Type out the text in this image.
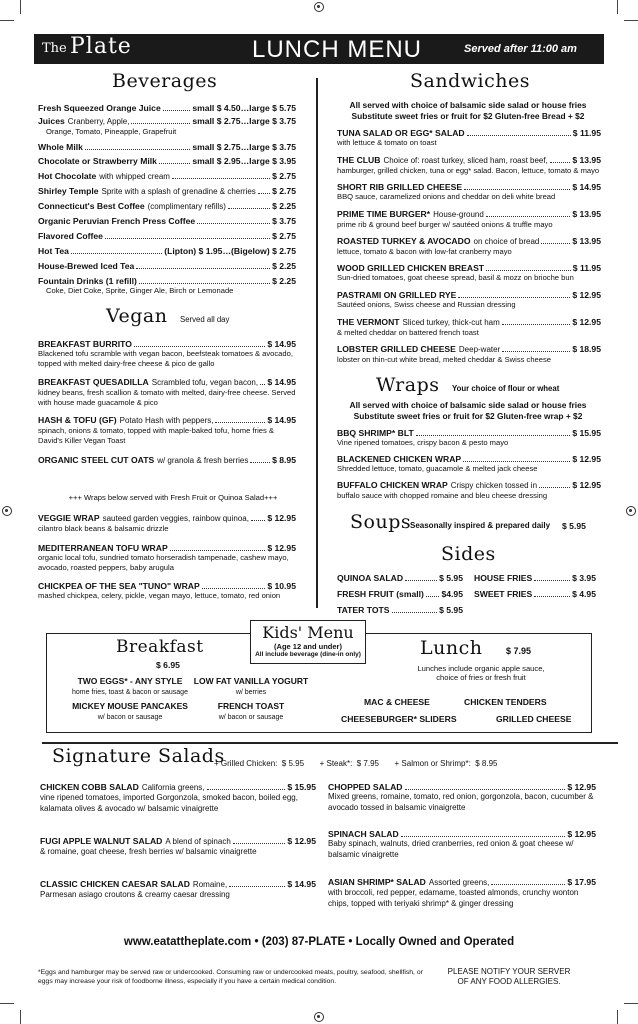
The Plate	LUNCH MENU	Served after 11:00 am
Beverages
Fresh Squeezed Orange Juice	small $ 4.50…large $ 5.75
Juices Cranberry, Apple,	small $ 2.75…large $ 3.75
Orange, Tomato, Pineapple, Grapefruit
Whole Milk	small $ 2.75…large $ 3.75
Chocolate or Strawberry Milk	small $ 2.95…large $ 3.95
Hot Chocolate with whipped cream	$ 2.75
Shirley Temple Sprite with a splash of grenadine & cherries $ 2.75
Connecticut's Best Coffee (complimentary refills)	$ 2.25
Organic Peruvian French Press Coffee	$ 3.75
Flavored Coffee	$ 2.75
Hot Tea	(Lipton) $ 1.95…(Bigelow) $ 2.75
House-Brewed Iced Tea	$ 2.25
Fountain Drinks (1 refill)	$ 2.25
Coke, Diet Coke, Sprite, Ginger Ale, Birch or Lemonade
Vegan Served all day
BREAKFAST BURRITO	$ 14.95
Blackened tofu scramble with vegan bacon, beefsteak tomatoes & avocado, topped with melted dairy-free cheese & pico de gallo
BREAKFAST QUESADILLA Scrambled tofu, vegan bacon, $ 14.95
kidney beans, fresh scallion & tomato with melted, dairy-free cheese. Served with house made guacamole & pico
HASH & TOFU (GF) Potato Hash with peppers,	$ 14.95
spinach, onions & tomato, topped with maple-baked tofu, home fries & David's Killer Vegan Toast
ORGANIC STEEL CUT OATS w/ granola & fresh berries	$ 8.95
+++ Wraps below served with Fresh Fruit or Quinoa Salad+++
VEGGIE WRAP sauteed garden veggies, rainbow quinoa, $ 12.95
cilantro black beans & balsamic drizzle
MEDITERRANEAN TOFU WRAP	$ 12.95
organic local tofu, sundried tomato horseradish tampenade, cashew mayo, avocado, roasted peppers, baby arugula
CHICKPEA OF THE SEA "TUNO" WRAP	$ 10.95
mashed chickpea, celery, pickle, vegan mayo, lettuce, tomato, red onion
Sandwiches
All served with choice of balsamic side salad or house fries
Substitute sweet fries or fruit for $2 Gluten-free Bread + $2
TUNA SALAD OR EGG* SALAD	$ 11.95
with lettuce & tomato on toast
THE CLUB Choice of: roast turkey, sliced ham, roast beef,	$ 13.95
hamburger, grilled chicken, tuna or egg* salad. Bacon, lettuce, tomato & mayo
SHORT RIB GRILLED CHEESE	$ 14.95
BBQ sauce, caramelized onions and cheddar on deli white bread
PRIME TIME BURGER* House-ground	$ 13.95
prime rib & ground beef burger w/ sautéed onions & truffle mayo
ROASTED TURKEY & AVOCADO on choice of bread	$ 13.95
lettuce, tomato & bacon with low-fat cranberry mayo
WOOD GRILLED CHICKEN BREAST	$ 11.95
Sun-dried tomatoes, goat cheese spread, basil & mozz on brioche bun
PASTRAMI ON GRILLED RYE	$ 12.95
Sautéed onions, Swiss cheese and Russian dressing
THE VERMONT Sliced turkey, thick-cut ham	$ 12.95
& melted cheddar on battered french toast
LOBSTER GRILLED CHEESE Deep-water	$ 18.95
lobster on thin-cut white bread, melted cheddar & Swiss cheese
Wraps Your choice of flour or wheat
All served with choice of balsamic side salad or house fries
Substitute sweet fries or fruit for $2 Gluten-free wrap + $2
BBQ SHRIMP* BLT	$ 15.95
Vine ripened tomatoes, crispy bacon & pesto mayo
BLACKENED CHICKEN WRAP	$ 12.95
Shredded lettuce, tomato, guacamole & melted jack cheese
BUFFALO CHICKEN WRAP Crispy chicken tossed in	$ 12.95
buffalo sauce with chopped romaine and bleu cheese dressing
Soups
Seasonally inspired & prepared daily $ 5.95
Sides
QUINOA SALAD	$ 5.95 HOUSE FRIES	$ 3.95
FRESH FRUIT (small) $4.95 SWEET FRIES	$ 4.95
TATER TOTS	$ 5.95
Kids' Menu
(Age 12 and under)
All include beverage (dine-in only)
Breakfast
$ 6.95
TWO EGGS* - ANY STYLE
home fries, toast & bacon or sausage
LOW FAT VANILLA YOGURT
w/ berries
MICKEY MOUSE PANCAKES
w/ bacon or sausage
FRENCH TOAST
w/ bacon or sausage
Lunch	$ 7.95
Lunches include organic apple sauce,
choice of fries or fresh fruit
MAC & CHEESE	CHICKEN TENDERS
CHEESEBURGER* SLIDERS	GRILLED CHEESE
Signature Salads
+ Grilled Chicken:  $ 5.95       + Steak*:  $ 7.95       + Salmon or Shrimp*:  $ 8.95
CHICKEN COBB SALAD California greens,	$ 15.95
vine ripened tomatoes, imported Gorgonzola, smoked bacon, boiled egg, kalamata olives & avocado w/ balsamic vinaigrette
CHOPPED SALAD	$ 12.95
Mixed greens, romaine, tomato, red onion, gorgonzola, bacon, cucumber & avocado tossed in balsamic vinaigrette
FUGI APPLE WALNUT SALAD A blend of spinach	$ 12.95
& romaine, goat cheese, fresh berries w/ balsamic vinaigrette
SPINACH SALAD	$ 12.95
Baby spinach, walnuts, dried cranberries, red onion & goat cheese w/ balsamic vinaigrette
CLASSIC CHICKEN CAESAR SALAD Romaine,	$ 14.95
Parmesan asiago croutons & creamy caesar dressing
ASIAN SHRIMP* SALAD Assorted greens,	$ 17.95
with broccoli, red pepper, edamame, toasted almonds, crunchy wonton chips, topped with teriyaki shrimp* & ginger dressing
www.eatattheplate.com • (203) 87-PLATE • Locally Owned and Operated
*Eggs and hamburger may be served raw or undercooked. Consuming raw or undercooked meats, poultry, seafood, shellfish, or eggs may increase your risk of foodborne illness, especially if you have a certain medical condition.
PLEASE NOTIFY YOUR SERVER OF ANY FOOD ALLERGIES.
